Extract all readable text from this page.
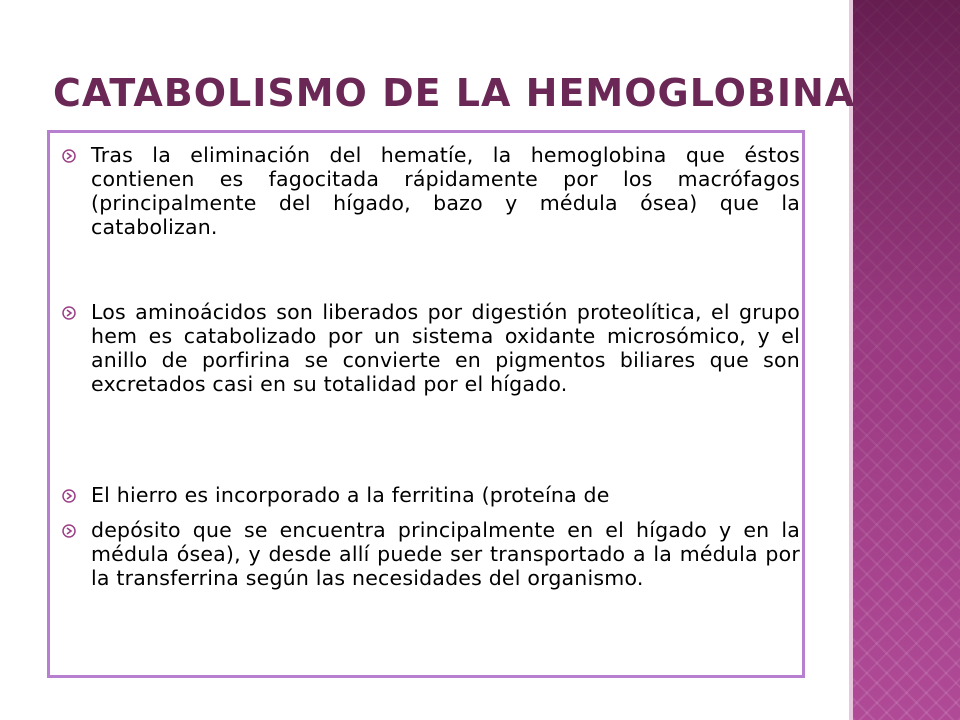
CATABOLISMO DE LA HEMOGLOBINA
Tras la eliminación del hematíe, la hemoglobina que éstos contienen es fagocitada rápidamente por los macrófagos (principalmente del hígado, bazo y médula ósea) que la catabolizan.
Los aminoácidos son liberados por digestión proteolítica, el grupo hem es catabolizado por un sistema oxidante microsómico, y el anillo de porfirina se convierte en pigmentos biliares que son excretados casi en su totalidad por el hígado.
El hierro es incorporado a la ferritina (proteína de
depósito que se encuentra principalmente en el hígado y en la médula ósea), y desde allí puede ser transportado a la médula por la transferrina según las necesidades del organismo.
